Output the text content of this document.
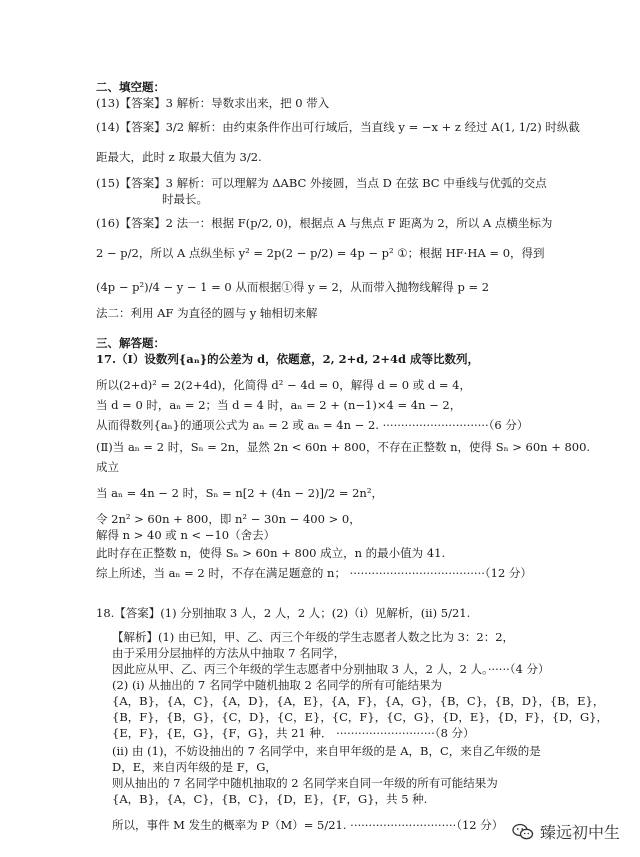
二、填空题：
(13)【答案】3 解析：导数求出来，把 0 带入
(14)【答案】3/2 解析：由约束条件作出可行域后，当直线 y = −x + z 经过 A(1, 1/2) 时纵截
距最大，此时 z 取最大值为 3/2.
(15)【答案】3 解析：可以理解为 ΔABC 外接圆，当点 D 在弦 BC 中垂线与优弧的交点
时最长。
(16)【答案】2 法一：根据 F(p/2, 0)，根据点 A 与焦点 F 距离为 2，所以 A 点横坐标为
2 − p/2，所以 A 点纵坐标 y² = 2p(2 − p/2) = 4p − p² ①；根据 HF·HA = 0，得到
(4p − p²)/4 − y − 1 = 0 从而根据①得 y = 2，从而带入抛物线解得 p = 2
法二：利用 AF 为直径的圆与 y 轴相切来解
三、解答题：
17.（Ⅰ）设数列{aₙ}的公差为 d，依题意，2, 2+d, 2+4d 成等比数列，
所以(2+d)² = 2(2+4d)，化简得 d² − 4d = 0，解得 d = 0 或 d = 4，
当 d = 0 时，aₙ = 2；当 d = 4 时，aₙ = 2 + (n−1)×4 = 4n − 2，
从而得数列{aₙ}的通项公式为 aₙ = 2 或 aₙ = 4n − 2. ·····························（6 分）
(Ⅱ)当 aₙ = 2 时，Sₙ = 2n，显然 2n < 60n + 800，不存在正整数 n，使得 Sₙ > 60n + 800.
成立
当 aₙ = 4n − 2 时，Sₙ = n[2 + (4n − 2)]/2 = 2n²，
令 2n² > 60n + 800，即 n² − 30n − 400 > 0，
解得 n > 40 或 n < −10（舍去）
此时存在正整数 n，使得 Sₙ > 60n + 800 成立，n 的最小值为 41.
综上所述，当 aₙ = 2 时，不存在满足题意的 n； ·····································（12 分）
18.【答案】(1) 分别抽取 3 人，2 人，2 人；(2)（i）见解析，(ii) 5/21.
【解析】(1) 由已知，甲、乙、丙三个年级的学生志愿者人数之比为 3：2：2，
由于采用分层抽样的方法从中抽取 7 名同学，
因此应从甲、乙、丙三个年级的学生志愿者中分别抽取 3 人，2 人，2 人。······（4 分）
(2) (i) 从抽出的 7 名同学中随机抽取 2 名同学的所有可能结果为
{A，B}，{A，C}，{A，D}，{A，E}，{A，F}，{A，G}，{B，C}，{B，D}，{B，E}，
{B，F}，{B，G}，{C，D}，{C，E}，{C，F}，{C，G}，{D，E}，{D，F}，{D，G}，
{E，F}，{E，G}，{F，G}，共 21 种． ···························（8 分）
(ii) 由 (1)，不妨设抽出的 7 名同学中，来自甲年级的是 A，B，C，来自乙年级的是
D，E，来自丙年级的是 F，G，
则从抽出的 7 名同学中随机抽取的 2 名同学来自同一年级的所有可能结果为
{A，B}，{A，C}，{B，C}，{D，E}，{F，G}，共 5 种.
所以，事件 M 发生的概率为 P（M）= 5/21. ·····························（12 分） 臻远初中生
